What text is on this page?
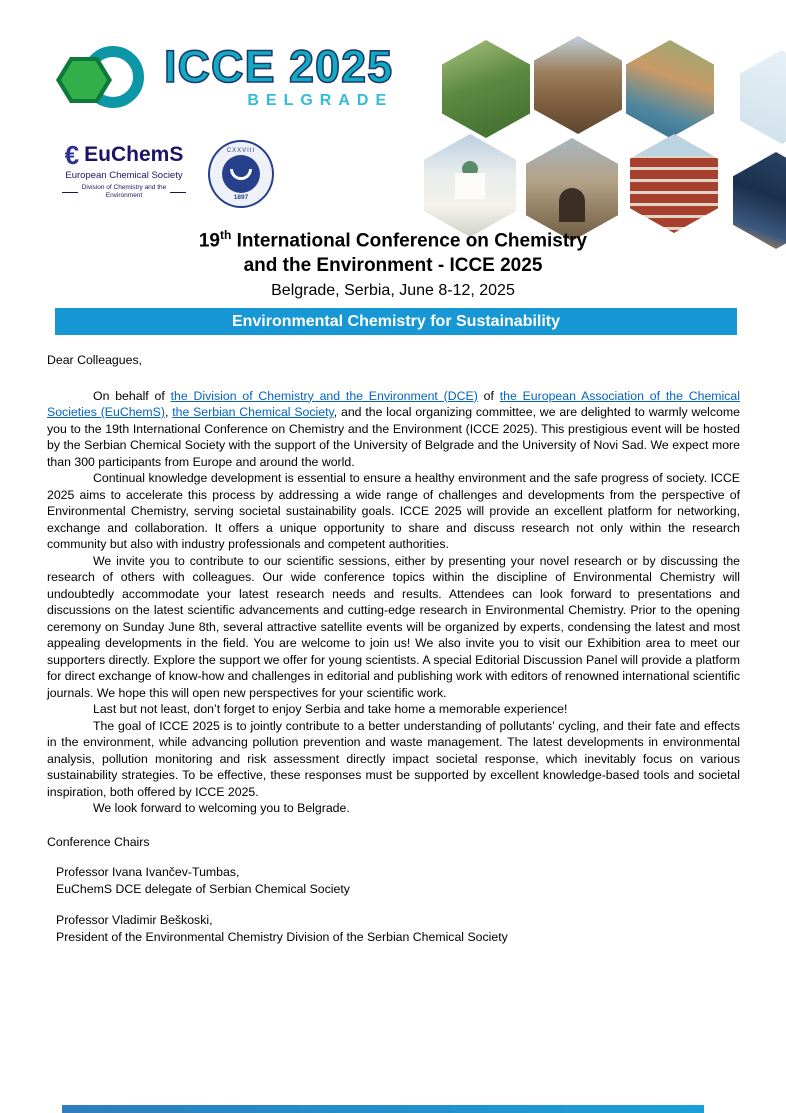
ICCE 2025
BELGRADE
€ EuChemS
European Chemical Society
Division of Chemistry and the
Environment
CXXVIII
1897
19th International Conference on Chemistry
and the Environment - ICCE 2025
Belgrade, Serbia, June 8-12, 2025
Environmental Chemistry for Sustainability
Dear Colleagues,

On behalf of the Division of Chemistry and the Environment (DCE) of the European Association of the Chemical Societies (EuChemS), the Serbian Chemical Society, and the local organizing committee, we are delighted to warmly welcome you to the 19th International Conference on Chemistry and the Environment (ICCE 2025). This prestigious event will be hosted by the Serbian Chemical Society with the support of the University of Belgrade and the University of Novi Sad. We expect more than 300 participants from Europe and around the world.

Continual knowledge development is essential to ensure a healthy environment and the safe progress of society. ICCE 2025 aims to accelerate this process by addressing a wide range of challenges and developments from the perspective of Environmental Chemistry, serving societal sustainability goals. ICCE 2025 will provide an excellent platform for networking, exchange and collaboration. It offers a unique opportunity to share and discuss research not only within the research community but also with industry professionals and competent authorities.

We invite you to contribute to our scientific sessions, either by presenting your novel research or by discussing the research of others with colleagues. Our wide conference topics within the discipline of Environmental Chemistry will undoubtedly accommodate your latest research needs and results. Attendees can look forward to presentations and discussions on the latest scientific advancements and cutting-edge research in Environmental Chemistry. Prior to the opening ceremony on Sunday June 8th, several attractive satellite events will be organized by experts, condensing the latest and most appealing developments in the field. You are welcome to join us! We also invite you to visit our Exhibition area to meet our supporters directly. Explore the support we offer for young scientists. A special Editorial Discussion Panel will provide a platform for direct exchange of know-how and challenges in editorial and publishing work with editors of renowned international scientific journals. We hope this will open new perspectives for your scientific work.

Last but not least, don’t forget to enjoy Serbia and take home a memorable experience!

The goal of ICCE 2025 is to jointly contribute to a better understanding of pollutants’ cycling, and their fate and effects in the environment, while advancing pollution prevention and waste management. The latest developments in environmental analysis, pollution monitoring and risk assessment directly impact societal response, which inevitably focus on various sustainability strategies. To be effective, these responses must be supported by excellent knowledge-based tools and societal inspiration, both offered by ICCE 2025.

We look forward to welcoming you to Belgrade.

Conference Chairs
Professor Ivana Ivančev-Tumbas,
EuChemS DCE delegate of Serbian Chemical Society
Professor Vladimir Beškoski,
President of the Environmental Chemistry Division of the Serbian Chemical Society
